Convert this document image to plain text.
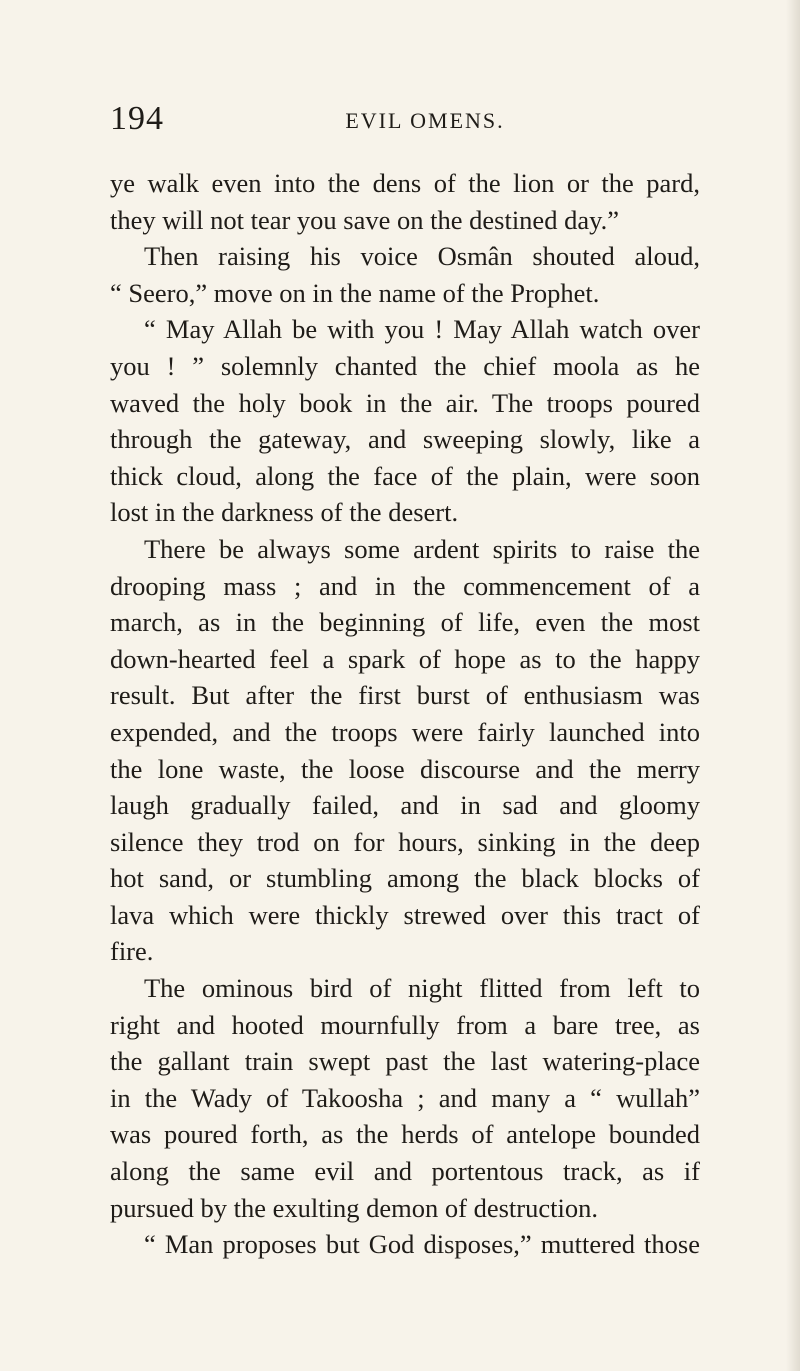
194	EVIL OMENS.
ye walk even into the dens of the lion or the pard,
they will not tear you save on the destined day.”
Then raising his voice Osmân shouted aloud,
“ Seero,” move on in the name of the Prophet.
“ May Allah be with you ! May Allah watch over
you ! ” solemnly chanted the chief moola as he
waved the holy book in the air. The troops poured
through the gateway, and sweeping slowly, like a
thick cloud, along the face of the plain, were soon
lost in the darkness of the desert.
There be always some ardent spirits to raise the
drooping mass ; and in the commencement of a
march, as in the beginning of life, even the most
down-hearted feel a spark of hope as to the happy
result. But after the first burst of enthusiasm was
expended, and the troops were fairly launched into
the lone waste, the loose discourse and the merry
laugh gradually failed, and in sad and gloomy
silence they trod on for hours, sinking in the deep
hot sand, or stumbling among the black blocks of
lava which were thickly strewed over this tract of
fire.
The ominous bird of night flitted from left to
right and hooted mournfully from a bare tree, as
the gallant train swept past the last watering-place
in the Wady of Takoosha ; and many a “ wullah”
was poured forth, as the herds of antelope bounded
along the same evil and portentous track, as if
pursued by the exulting demon of destruction.
“ Man proposes but God disposes,” muttered those
